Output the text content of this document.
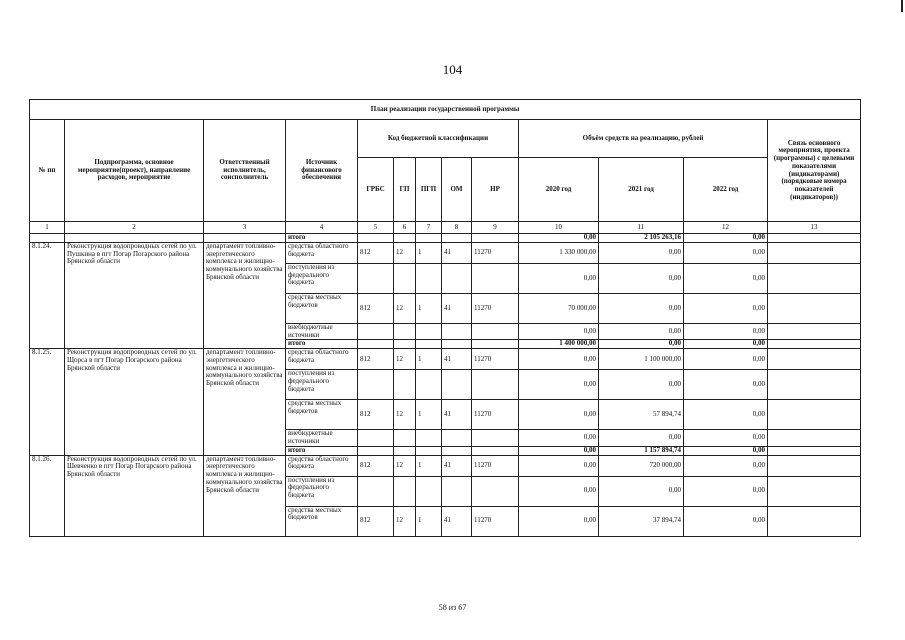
104
План реализации государственной программы												
№ пп	Подпрограмма, основное мероприятие(проект), направление расходов, мероприятие	Ответственный исполнитель, соисполнитель	Источник финансового обеспечения	Код бюджетной классификации					Объём средств на реализацию, рублей			Связь основного мероприятия, проекта (программы) с целевыми показателями (индикаторами) (порядковые номера показателей (индикаторов))
				ГРБС	ГП	ПГП	ОМ	НР	2020 год	2021 год	2022 год	
1	2	3	4	5	6	7	8	9	10	11	12	13
			итого						0,00	2 105 263,16	0,00	
8.1.24.	Реконструкция водопроводных сетей по ул. Пушкина в пгт Погар Погарского района Брянской области	департамент топливно-энергетического комплекса и жилищно-коммунального хозяйства Брянской области	средства областного бюджета	812	12	1	41	11270	1 330 000,00	0,00	0,00	
			поступления из федерального бюджета						0,00	0,00	0,00	
			средства местных бюджетов	812	12	1	41	11270	70 000,00	0,00	0,00	
			внебюджетные источники						0,00	0,00	0,00	
			итого						1 400 000,00	0,00	0,00	
8.1.25.	Реконструкция водопроводных сетей по ул. Щорса в пгт Погар Погарского района Брянской области	департамент топливно-энергетического комплекса и жилищно-коммунального хозяйства Брянской области	средства областного бюджета	812	12	1	41	11270	0,00	1 100 000,00	0,00	
			поступления из федерального бюджета						0,00	0,00	0,00	
			средства местных бюджетов	812	12	1	41	11270	0,00	57 894,74	0,00	
			внебюджетные источники						0,00	0,00	0,00	
			итого						0,00	1 157 894,74	0,00	
8.1.26.	Реконструкция водопроводных сетей по ул. Шевченко в пгт Погар Погарского района Брянской области	департамент топливно-энергетического комплекса и жилищно-коммунального хозяйства Брянской области	средства областного бюджета	812	12	1	41	11270	0,00	720 000,00	0,00	
			поступления из федерального бюджета						0,00	0,00	0,00	
			средства местных бюджетов	812	12	1	41	11270	0,00	37 894,74	0,00	
58 из 67
